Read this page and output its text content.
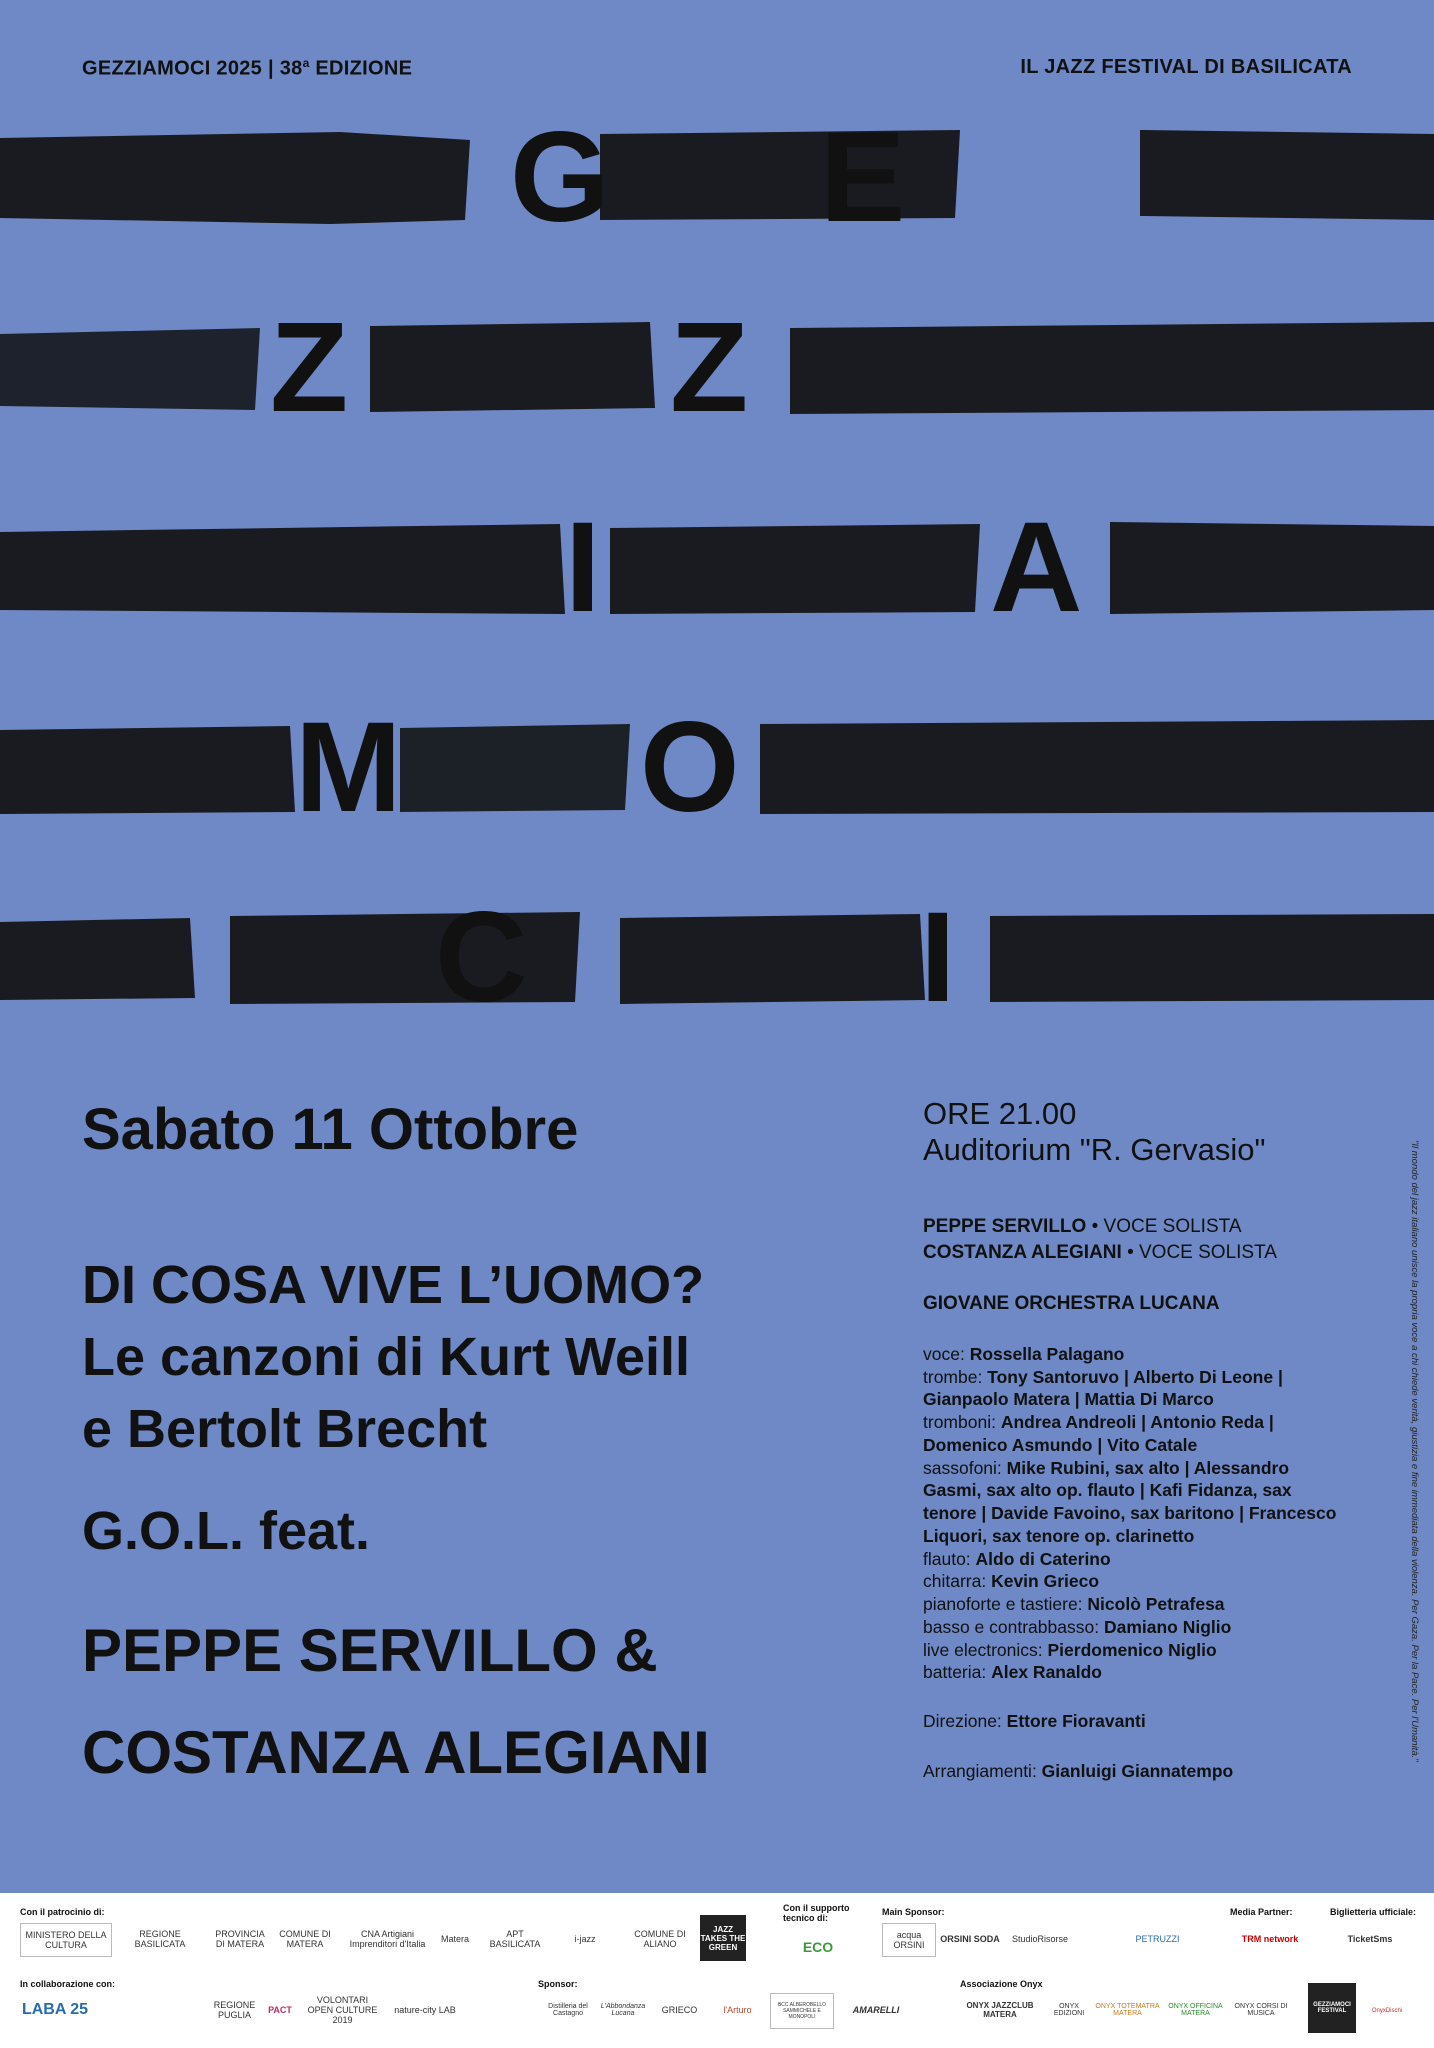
GEZZIAMOCI 2025 | 38$^a$ EDIZIONE	IL JAZZ FESTIVAL DI BASILICATA
G E
Z	Z
I	A
M O
C	I
Sabato 11 Ottobre
DI COSA VIVE L’UOMO?
Le canzoni di Kurt Weill
e Bertolt Brecht
G.O.L. feat.
PEPPE SERVILLO &
COSTANZA ALEGIANI
ORE 21.00
Auditorium "R. Gervasio"
PEPPE SERVILLO • VOCE SOLISTA
COSTANZA ALEGIANI • VOCE SOLISTA
GIOVANE ORCHESTRA LUCANA
voce: Rossella Palagano
trombe: Tony Santoruvo | Alberto Di Leone | Gianpaolo Matera | Mattia Di Marco
tromboni: Andrea Andreoli | Antonio Reda | Domenico Asmundo | Vito Catale
sassofoni: Mike Rubini, sax alto | Alessandro Gasmi, sax alto op. flauto | Kafi Fidanza, sax tenore | Davide Favoino, sax baritono | Francesco Liquori, sax tenore op. clarinetto
flauto: Aldo di Caterino
chitarra: Kevin Grieco
pianoforte e tastiere: Nicolò Petrafesa
basso e contrabbasso: Damiano Niglio
live electronics: Pierdomenico Niglio
batteria: Alex Ranaldo
Direzione: Ettore Fioravanti
Arrangiamenti: Gianluigi Giannatempo
"Il mondo del jazz italiano unisce la propria voce a chi chiede verità, giustizia e fine immediata della violenza. Per Gaza. Per la Pace. Per l'Umanità."
Con il patrocinio di:
MINISTERO DELLA CULTURA
REGIONE BASILICATA
PROVINCIA DI MATERA
COMUNE DI MATERA
CNA Artigiani Imprenditori d'Italia	Matera	APT BASILICATA	i-jazz	COMUNE DI ALIANO
JAZZ TAKES THE GREEN
Con il supporto tecnico di:
ECO
Main Sponsor:
acqua ORSINI
ORSINI SODA	StudioRisorse	PETRUZZI
Media Partner:
TRM network
Biglietteria ufficiale:
TicketSms
In collaborazione con:
LABA 25	REGIONE PUGLIA	PACT
VOLONTARI OPEN CULTURE 2019
nature-city LAB
Sponsor:
Distilleria del Castagno
L'Abbondanza Lucana	GRIECO	l'Arturo	BCC ALBEROBELLO SAMMICHELE E MONOPOLI
AMARELLI
Associazione Onyx
ONYX JAZZCLUB MATERA
ONYX EDIZIONI
ONYX TOTEMATRA MATERA
ONYX OFFICINA MATERA
ONYX CORSI DI MUSICA
GEZZIAMOCI FESTIVAL	OnyxDischi
